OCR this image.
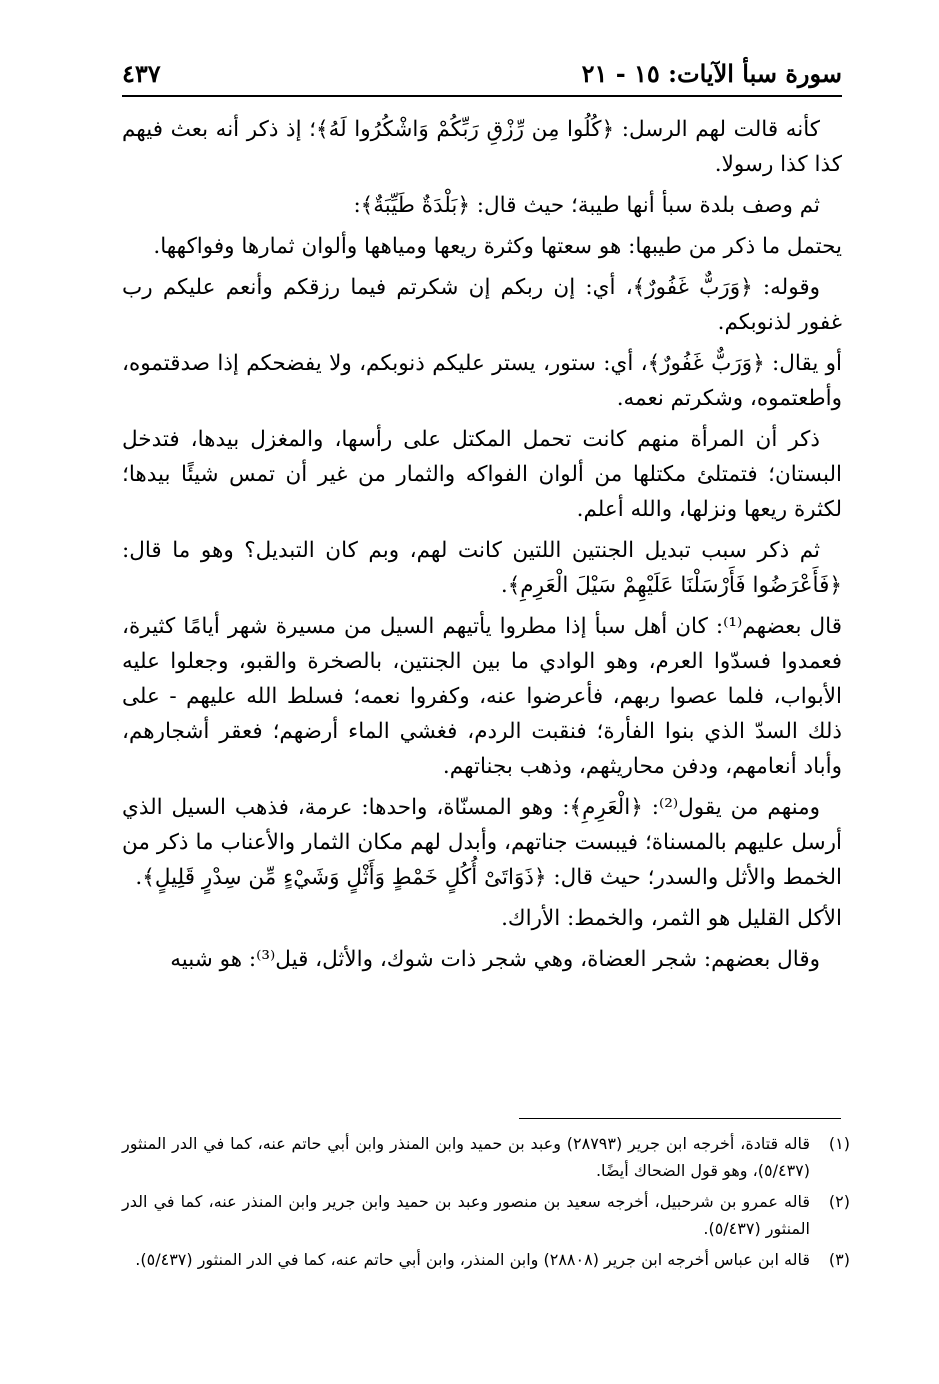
سورة سبأ الآيات: ١٥ - ٢١
٤٣٧

كأنه قالت لهم الرسل: ﴿كُلُوا مِن رِّزْقِ رَبِّكُمْ وَاشْكُرُوا لَهُ﴾؛ إذ ذكر أنه بعث فيهم كذا كذا رسولا.

ثم وصف بلدة سبأ أنها طيبة؛ حيث قال: ﴿بَلْدَةٌ طَيِّبَةٌ﴾:

يحتمل ما ذكر من طيبها: هو سعتها وكثرة ريعها ومياهها وألوان ثمارها وفواكهها.

وقوله: ﴿وَرَبٌّ غَفُورٌ﴾، أي: إن ربكم إن شكرتم فيما رزقكم وأنعم عليكم رب غفور لذنوبكم.

أو يقال: ﴿وَرَبٌّ غَفُورٌ﴾، أي: ستور، يستر عليكم ذنوبكم، ولا يفضحكم إذا صدقتموه، وأطعتموه، وشكرتم نعمه.

ذكر أن المرأة منهم كانت تحمل المكتل على رأسها، والمغزل بيدها، فتدخل البستان؛ فتمتلئ مكتلها من ألوان الفواكه والثمار من غير أن تمس شيئًا بيدها؛ لكثرة ريعها ونزلها، والله أعلم.

ثم ذكر سبب تبديل الجنتين اللتين كانت لهم، وبم كان التبديل؟ وهو ما قال: ﴿فَأَعْرَضُوا فَأَرْسَلْنَا عَلَيْهِمْ سَيْلَ الْعَرِمِ﴾.

قال بعضهم⁽¹⁾: كان أهل سبأ إذا مطروا يأتيهم السيل من مسيرة شهر أيامًا كثيرة، فعمدوا فسدّوا العرم، وهو الوادي ما بين الجنتين، بالصخرة والقبو، وجعلوا عليه الأبواب، فلما عصوا ربهم، فأعرضوا عنه، وكفروا نعمه؛ فسلط الله عليهم - على ذلك السدّ الذي بنوا الفأرة؛ فنقبت الردم، فغشي الماء أرضهم؛ فعقر أشجارهم، وأباد أنعامهم، ودفن محاريثهم، وذهب بجناتهم.

ومنهم من يقول⁽²⁾: ﴿الْعَرِمِ﴾: وهو المسنّاة، واحدها: عرمة، فذهب السيل الذي أرسل عليهم بالمسناة؛ فيبست جناتهم، وأبدل لهم مكان الثمار والأعناب ما ذكر من الخمط والأثل والسدر؛ حيث قال: ﴿ذَوَاتَىْ أُكُلٍ خَمْطٍ وَأَثْلٍ وَشَيْءٍ مِّن سِدْرٍ قَلِيلٍ﴾.

الأكل القليل هو الثمر، والخمط: الأراك.

وقال بعضهم: شجر العضاة، وهي شجر ذات شوك، والأثل، قيل⁽³⁾: هو شبيه

(١)
قاله قتادة، أخرجه ابن جرير (٢٨٧٩٣) وعبد بن حميد وابن المنذر وابن أبي حاتم عنه، كما في الدر المنثور (٥/٤٣٧)، وهو قول الضحاك أيضًا.
(٢)
قاله عمرو بن شرحبيل، أخرجه سعيد بن منصور وعبد بن حميد وابن جرير وابن المنذر عنه، كما في الدر المنثور (٥/٤٣٧).
(٣)
قاله ابن عباس أخرجه ابن جرير (٢٨٨٠٨) وابن المنذر، وابن أبي حاتم عنه، كما في الدر المنثور (٥/٤٣٧).
